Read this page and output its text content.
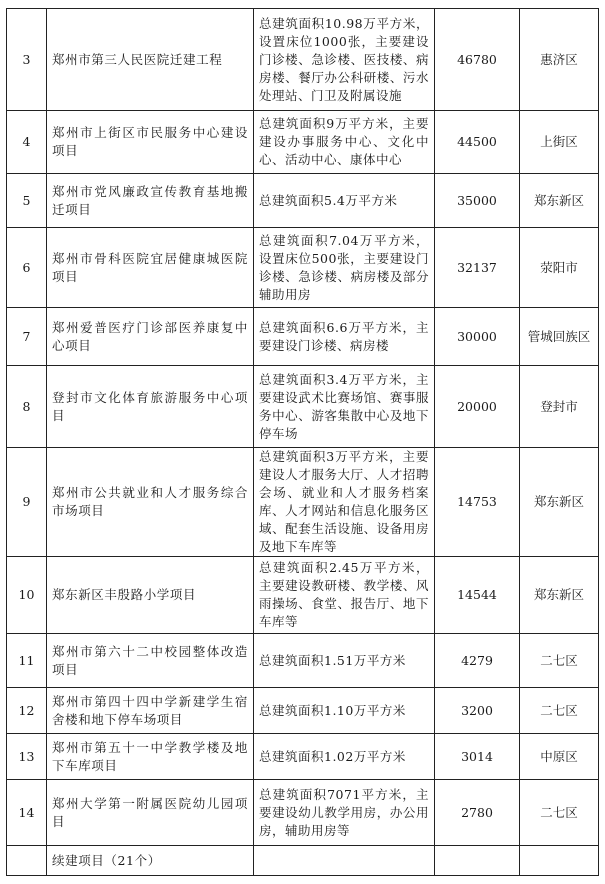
3	郑州市第三人民医院迁建工程	总建筑面积10.98万平方米，设置床位1000张，主要建设门诊楼、急诊楼、医技楼、病房楼、餐厅办公科研楼、污水处理站、门卫及附属设施	46780	惠济区
4	郑州市上街区市民服务中心建设项目	总建筑面积9万平方米，主要建设办事服务中心、文化中心、活动中心、康体中心	44500	上街区
5	郑州市党风廉政宣传教育基地搬迁项目	总建筑面积5.4万平方米	35000	郑东新区
6	郑州市骨科医院宜居健康城医院项目	总建筑面积7.04万平方米，设置床位500张，主要建设门诊楼、急诊楼、病房楼及部分辅助用房	32137	荥阳市
7	郑州爱普医疗门诊部医养康复中心项目	总建筑面积6.6万平方米，主要建设门诊楼、病房楼	30000	管城回族区
8	登封市文化体育旅游服务中心项目	总建筑面积3.4万平方米，主要建设武术比赛场馆、赛事服务中心、游客集散中心及地下停车场	20000	登封市
9	郑州市公共就业和人才服务综合市场项目	总建筑面积3万平方米，主要建设人才服务大厅、人才招聘会场、就业和人才服务档案库、人才网站和信息化服务区域、配套生活设施、设备用房及地下车库等	14753	郑东新区
10	郑东新区丰殷路小学项目	总建筑面积2.45万平方米，主要建设教研楼、教学楼、风雨操场、食堂、报告厅、地下车库等	14544	郑东新区
11	郑州市第六十二中校园整体改造项目	总建筑面积1.51万平方米	4279	二七区
12	郑州市第四十四中学新建学生宿舍楼和地下停车场项目	总建筑面积1.10万平方米	3200	二七区
13	郑州市第五十一中学教学楼及地下车库项目	总建筑面积1.02万平方米	3014	中原区
14	郑州大学第一附属医院幼儿园项目	总建筑面积7071平方米，主要建设幼儿教学用房，办公用房，辅助用房等	2780	二七区
	续建项目（21个）			
